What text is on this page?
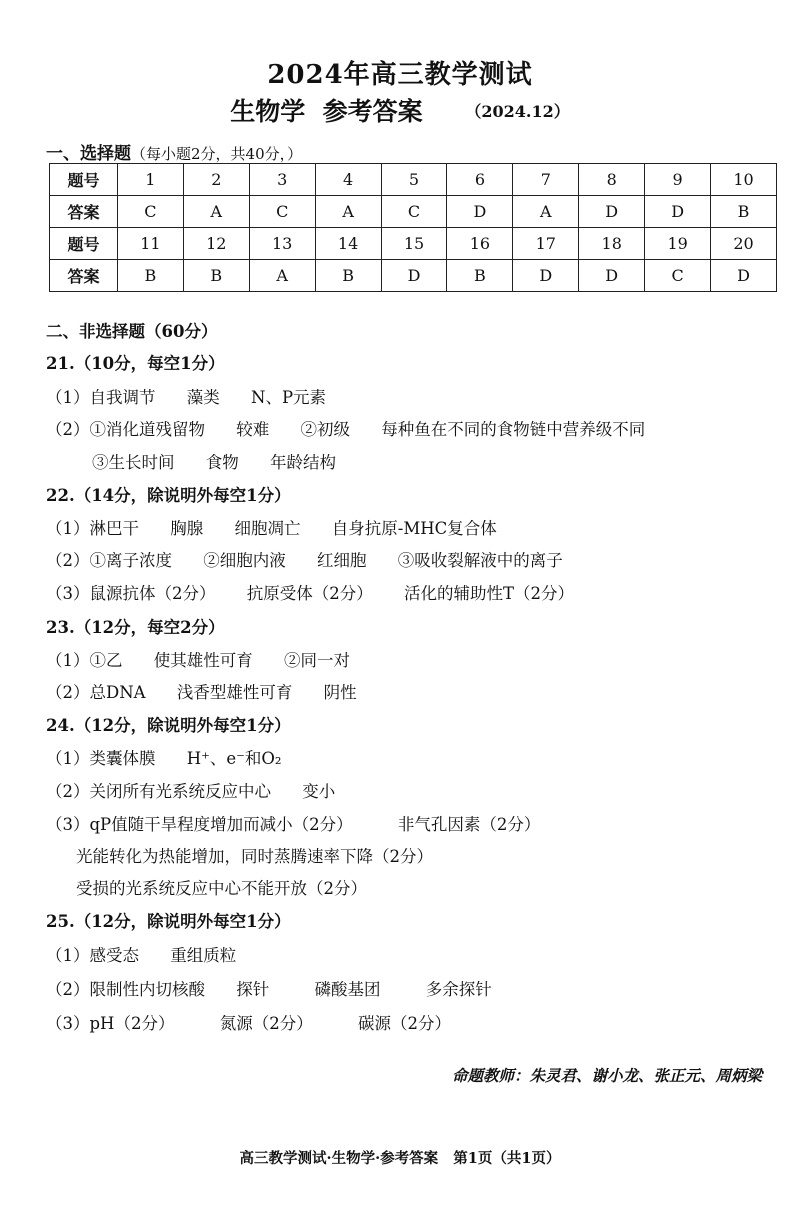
2024年高三教学测试
生物学  参考答案	（2024.12）
一、选择题（每小题2分，共40分，）
题号	1	2	3	4	5	6	7	8	9	10
答案	C	A	C	A	C	D	A	D	D	B
题号	11	12	13	14	15	16	17	18	19	20
答案	B	B	A	B	D	B	D	D	C	D
二、非选择题（60分）
21.（10分，每空1分）
（1）自我调节 藻类 N、P元素
（2）①消化道残留物 较难 ②初级 每种鱼在不同的食物链中营养级不同
③生长时间 食物 年龄结构
22.（14分，除说明外每空1分）
（1）淋巴干 胸腺 细胞凋亡 自身抗原-MHC复合体
（2）①离子浓度 ②细胞内液 红细胞 ③吸收裂解液中的离子
（3）鼠源抗体（2分） 抗原受体（2分） 活化的辅助性T（2分）
23.（12分，每空2分）
（1）①乙 使其雄性可育 ②同一对
（2）总DNA 浅香型雄性可育 阴性
24.（12分，除说明外每空1分）
（1）类囊体膜 H⁺、e⁻和O₂
（2）关闭所有光系统反应中心 变小
（3）qP值随干旱程度增加而减小（2分）	非气孔因素（2分）
光能转化为热能增加，同时蒸腾速率下降（2分）
受损的光系统反应中心不能开放（2分）
25.（12分，除说明外每空1分）
（1）感受态 重组质粒
（2）限制性内切核酸 探针	磷酸基团	多余探针
（3）pH（2分）	氮源（2分）	碳源（2分）
命题教师：朱灵君、谢小龙、张正元、周炳梁
高三教学测试·生物学·参考答案   第1页（共1页）
